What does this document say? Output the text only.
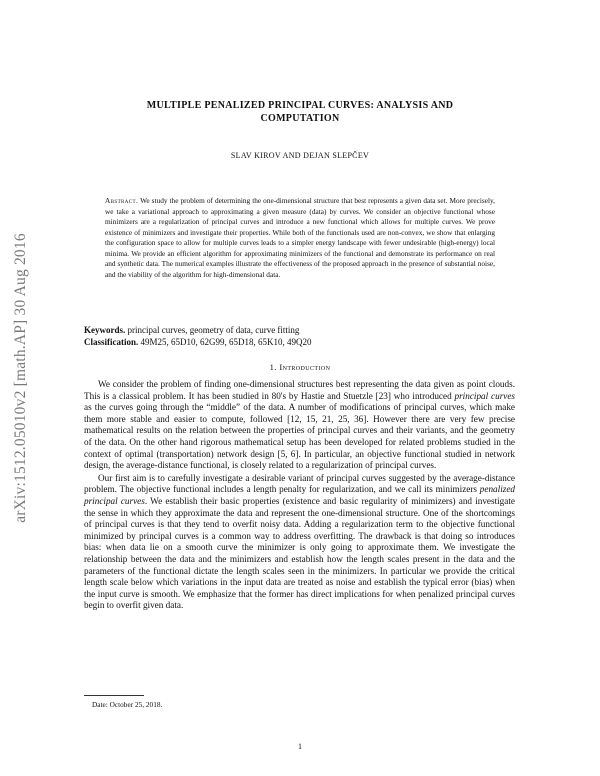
arXiv:1512.05010v2 [math.AP] 30 Aug 2016
MULTIPLE PENALIZED PRINCIPAL CURVES: ANALYSIS AND
COMPUTATION
SLAV KIROV AND DEJAN SLEPČEV
Abstract. We study the problem of determining the one-dimensional structure that best represents a given data set. More precisely, we take a variational approach to approximating a given measure (data) by curves. We consider an objective functional whose minimizers are a regularization of principal curves and introduce a new functional which allows for multiple curves. We prove existence of minimizers and investigate their properties. While both of the functionals used are non-convex, we show that enlarging the configuration space to allow for multiple curves leads to a simpler energy landscape with fewer undesirable (high-energy) local minima. We provide an efficient algorithm for approximating minimizers of the functional and demonstrate its performance on real and synthetic data. The numerical examples illustrate the effectiveness of the proposed approach in the presence of substantial noise, and the viability of the algorithm for high-dimensional data.
Keywords. principal curves, geometry of data, curve fitting
Classification. 49M25, 65D10, 62G99, 65D18, 65K10, 49Q20
1. Introduction

We consider the problem of finding one-dimensional structures best representing the data given as point clouds. This is a classical problem. It has been studied in 80's by Hastie and Stuetzle [23] who introduced principal curves as the curves going through the “middle” of the data. A number of modifications of principal curves, which make them more stable and easier to compute, followed [12, 15, 21, 25, 36]. However there are very few precise mathematical results on the relation between the properties of principal curves and their variants, and the geometry of the data. On the other hand rigorous mathematical setup has been developed for related problems studied in the context of optimal (transportation) network design [5, 6]. In particular, an objective functional studied in network design, the average-distance functional, is closely related to a regularization of principal curves.

Our first aim is to carefully investigate a desirable variant of principal curves suggested by the average-distance problem. The objective functional includes a length penalty for regularization, and we call its minimizers penalized principal curves. We establish their basic properties (existence and basic regularity of minimizers) and investigate the sense in which they approximate the data and represent the one-dimensional structure. One of the shortcomings of principal curves is that they tend to overfit noisy data. Adding a regularization term to the objective functional minimized by principal curves is a common way to address overfitting. The drawback is that doing so introduces bias: when data lie on a smooth curve the minimizer is only going to approximate them. We investigate the relationship between the data and the minimizers and establish how the length scales present in the data and the parameters of the functional dictate the length scales seen in the minimizers. In particular we provide the critical length scale below which variations in the input data are treated as noise and establish the typical error (bias) when the input curve is smooth. We emphasize that the former has direct implications for when penalized principal curves begin to overfit given data.

Date: October 25, 2018.
1
